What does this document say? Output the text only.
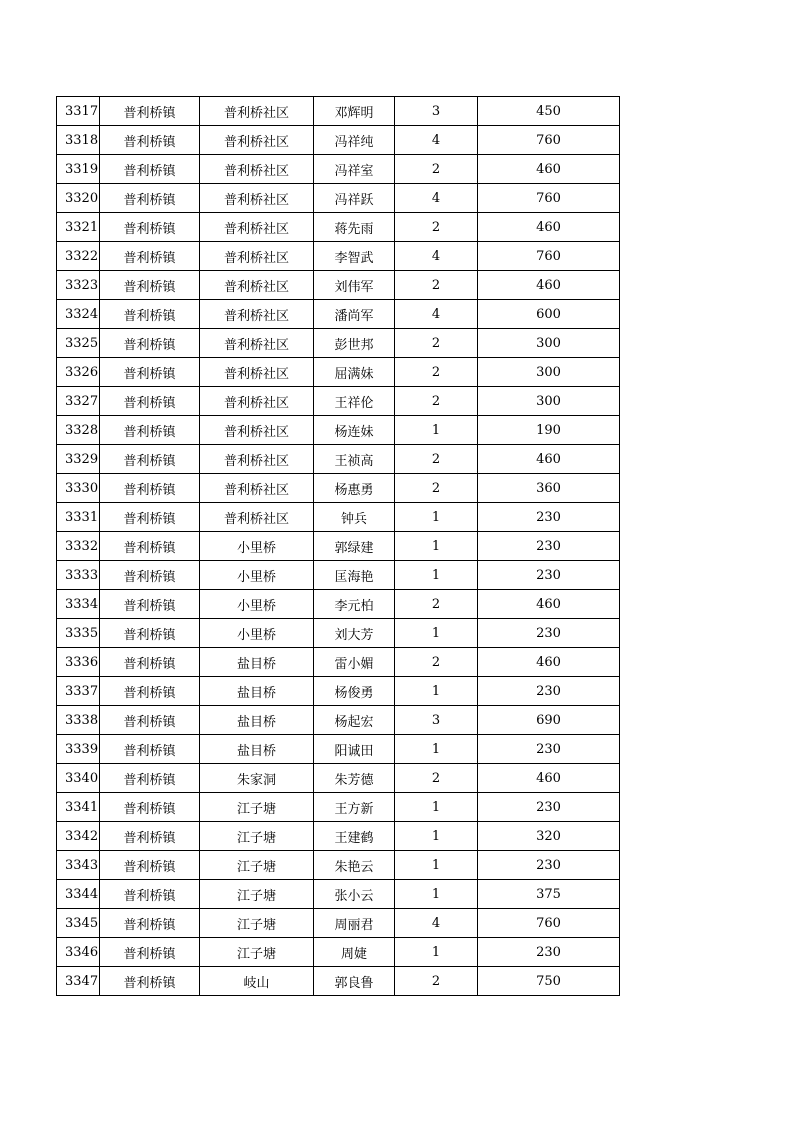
3317	普利桥镇	普利桥社区	邓辉明	3	450
3318	普利桥镇	普利桥社区	冯祥纯	4	760
3319	普利桥镇	普利桥社区	冯祥室	2	460
3320	普利桥镇	普利桥社区	冯祥跃	4	760
3321	普利桥镇	普利桥社区	蒋先雨	2	460
3322	普利桥镇	普利桥社区	李智武	4	760
3323	普利桥镇	普利桥社区	刘伟军	2	460
3324	普利桥镇	普利桥社区	潘尚军	4	600
3325	普利桥镇	普利桥社区	彭世邦	2	300
3326	普利桥镇	普利桥社区	屈满妹	2	300
3327	普利桥镇	普利桥社区	王祥伦	2	300
3328	普利桥镇	普利桥社区	杨连妹	1	190
3329	普利桥镇	普利桥社区	王祯高	2	460
3330	普利桥镇	普利桥社区	杨惠勇	2	360
3331	普利桥镇	普利桥社区	钟兵	1	230
3332	普利桥镇	小里桥	郭绿建	1	230
3333	普利桥镇	小里桥	匡海艳	1	230
3334	普利桥镇	小里桥	李元柏	2	460
3335	普利桥镇	小里桥	刘大芳	1	230
3336	普利桥镇	盐目桥	雷小媚	2	460
3337	普利桥镇	盐目桥	杨俊勇	1	230
3338	普利桥镇	盐目桥	杨起宏	3	690
3339	普利桥镇	盐目桥	阳诚田	1	230
3340	普利桥镇	朱家洞	朱芳德	2	460
3341	普利桥镇	江子塘	王方新	1	230
3342	普利桥镇	江子塘	王建鹤	1	320
3343	普利桥镇	江子塘	朱艳云	1	230
3344	普利桥镇	江子塘	张小云	1	375
3345	普利桥镇	江子塘	周丽君	4	760
3346	普利桥镇	江子塘	周婕	1	230
3347	普利桥镇	岐山	郭良鲁	2	750
